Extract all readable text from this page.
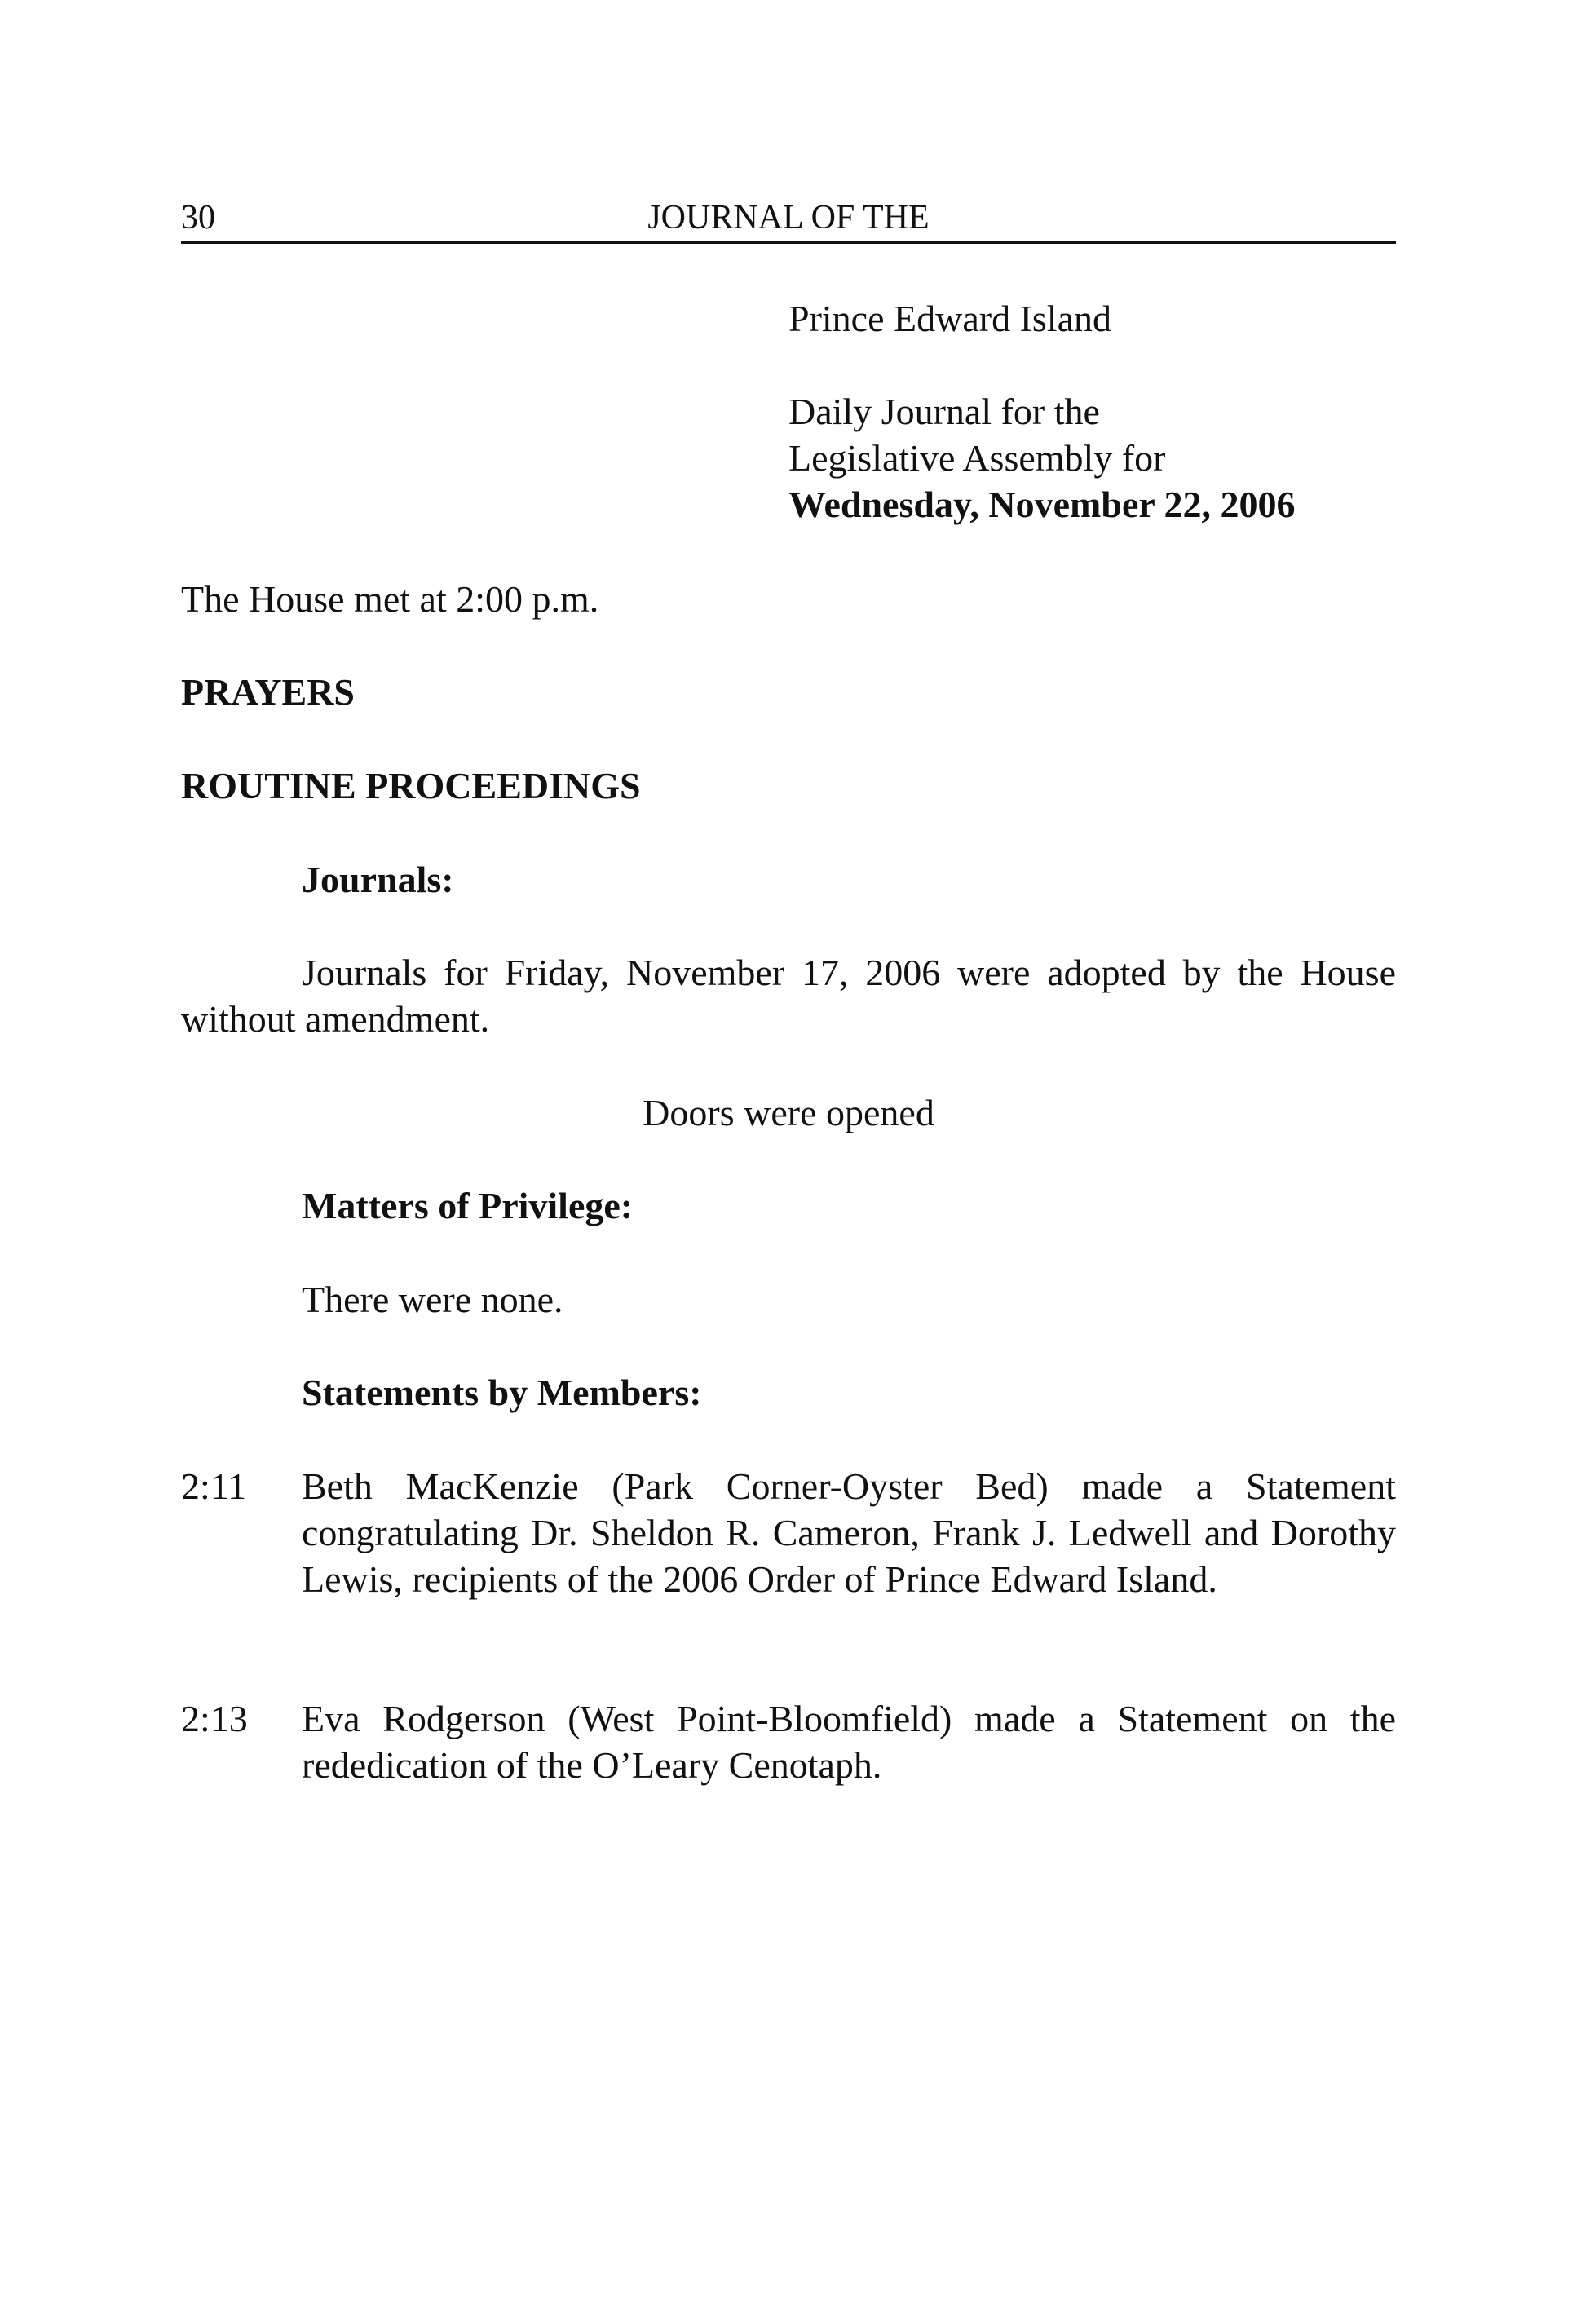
30	JOURNAL OF THE
Prince Edward Island
Daily Journal for the
Legislative Assembly for
Wednesday, November 22, 2006
The House met at 2:00 p.m.
PRAYERS
ROUTINE PROCEEDINGS
Journals:
Journals for Friday, November 17, 2006 were adopted by the House without amendment.
Doors were opened
Matters of Privilege:
There were none.
Statements by Members:
2:11 Beth MacKenzie (Park Corner-Oyster Bed) made a Statement congratulating Dr. Sheldon R. Cameron, Frank J. Ledwell and Dorothy Lewis, recipients of the 2006 Order of Prince Edward Island.
2:13 Eva Rodgerson (West Point-Bloomfield) made a Statement on the rededication of the O’Leary Cenotaph.
